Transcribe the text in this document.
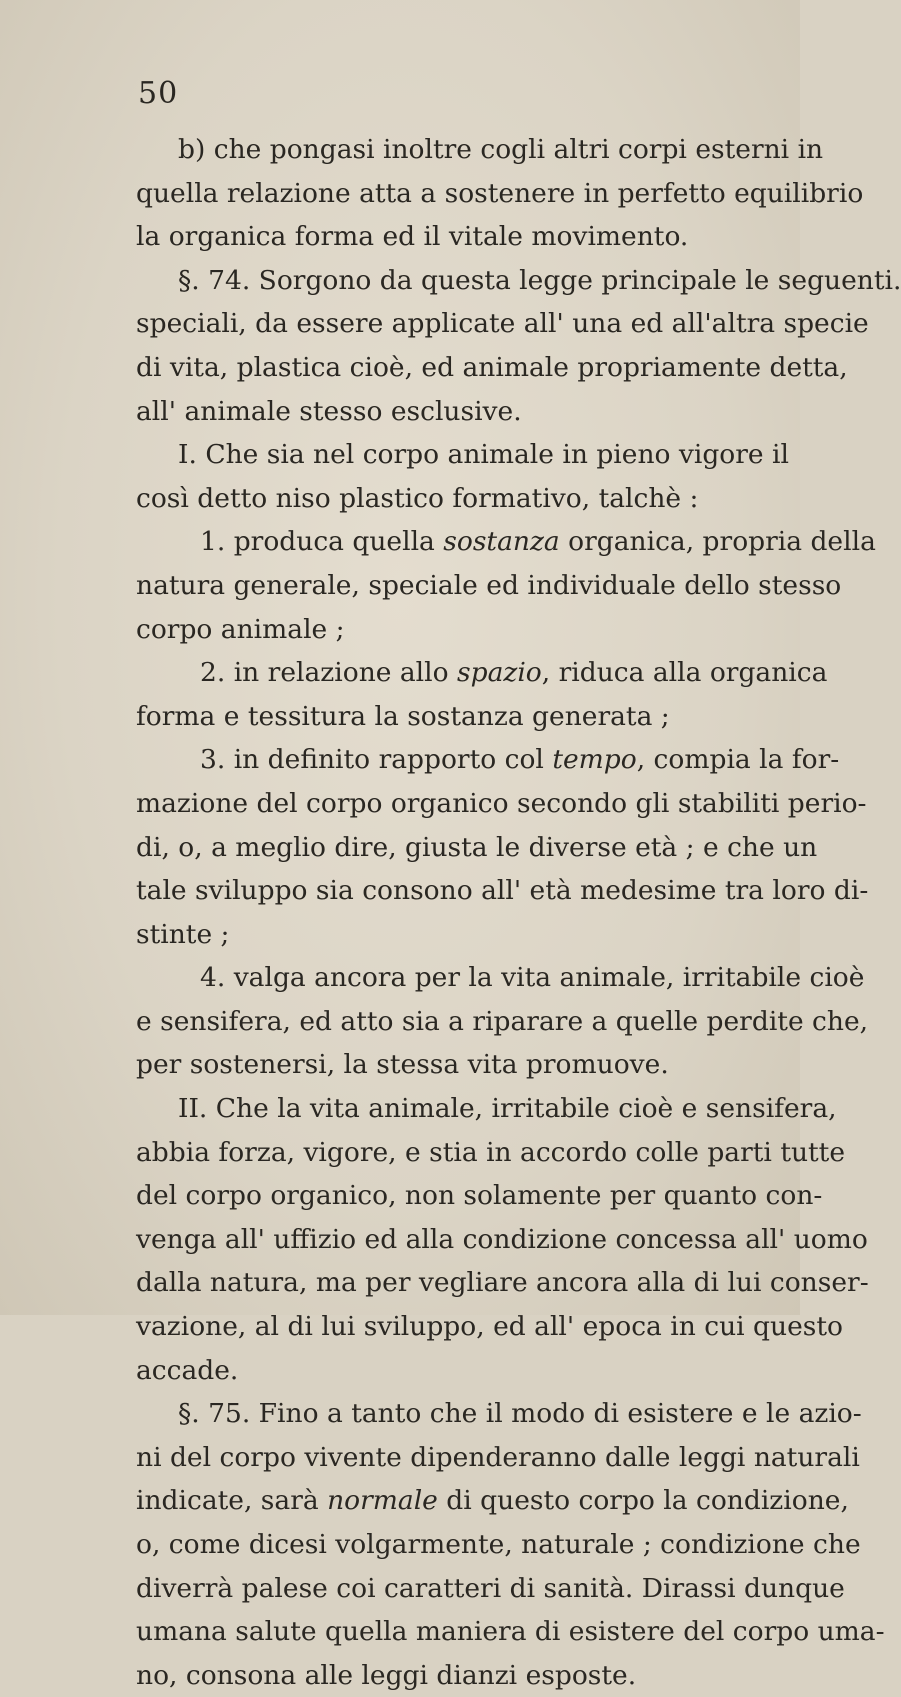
50
b) che pongasi inoltre cogli altri corpi esterni in
quella relazione atta a sostenere in perfetto equilibrio
la organica forma ed il vitale movimento.
§. 74. Sorgono da questa legge principale le seguenti.
speciali, da essere applicate all' una ed all'altra specie
di vita, plastica cioè, ed animale propriamente detta,
all' animale stesso esclusive.
I. Che sia nel corpo animale in pieno vigore il
così detto niso plastico formativo, talchè :
1. produca quella sostanza organica, propria della
natura generale, speciale ed individuale dello stesso
corpo animale ;
2. in relazione allo spazio, riduca alla organica
forma e tessitura la sostanza generata ;
3. in definito rapporto col tempo, compia la for-
mazione del corpo organico secondo gli stabiliti perio-
di, o, a meglio dire, giusta le diverse età ; e che un
tale sviluppo sia consono all' età medesime tra loro di-
stinte ;
4. valga ancora per la vita animale, irritabile cioè
e sensifera, ed atto sia a riparare a quelle perdite che,
per sostenersi, la stessa vita promuove.
II. Che la vita animale, irritabile cioè e sensifera,
abbia forza, vigore, e stia in accordo colle parti tutte
del corpo organico, non solamente per quanto con-
venga all' uffizio ed alla condizione concessa all' uomo
dalla natura, ma per vegliare ancora alla di lui conser-
vazione, al di lui sviluppo, ed all' epoca in cui questo
accade.
§. 75. Fino a tanto che il modo di esistere e le azio-
ni del corpo vivente dipenderanno dalle leggi naturali
indicate, sarà normale di questo corpo la condizione,
o, come dicesi volgarmente, naturale ; condizione che
diverrà palese coi caratteri di sanità. Dirassi dunque
umana salute quella maniera di esistere del corpo uma-
no, consona alle leggi dianzi esposte.
